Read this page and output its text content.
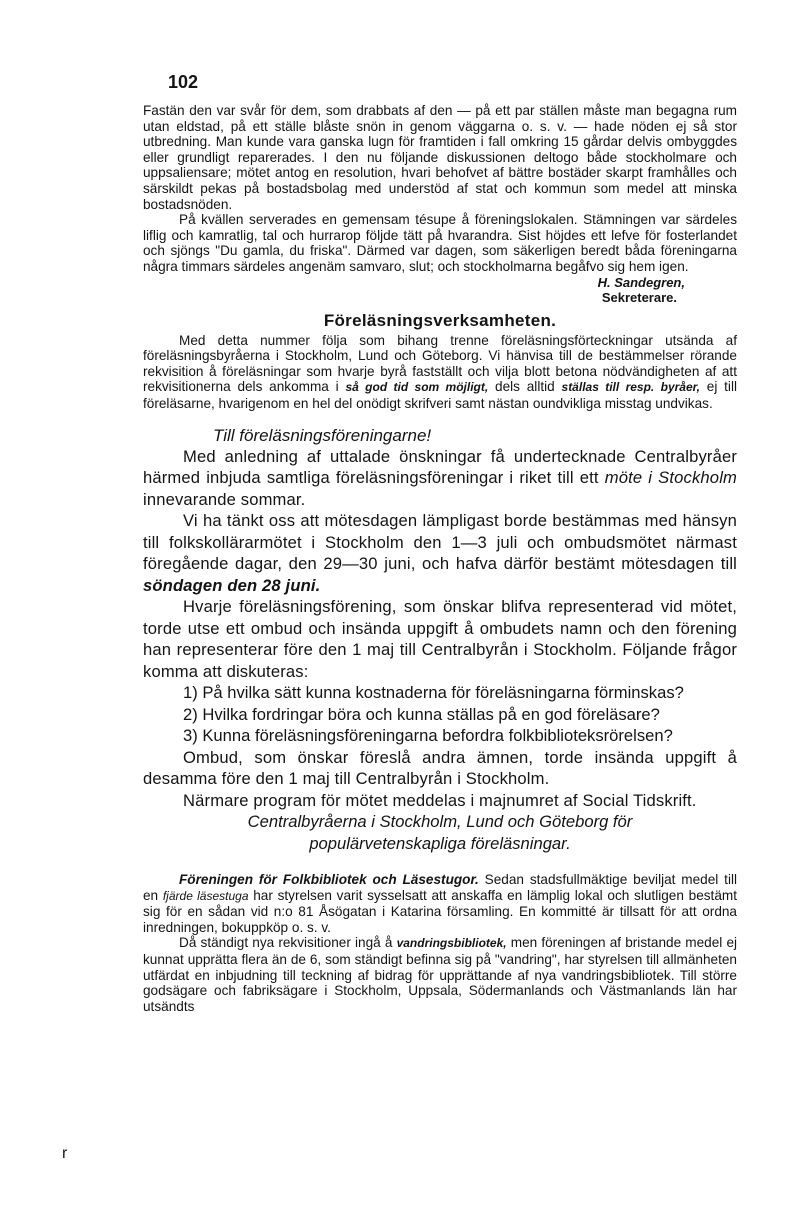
102

Fastän den var svår för dem, som drabbats af den — på ett par ställen måste man begagna rum utan eldstad, på ett ställe blåste snön in genom väggarna o. s. v. — hade nöden ej så stor utbredning. Man kunde vara ganska lugn för framtiden i fall omkring 15 gårdar delvis ombyggdes eller grundligt reparerades. I den nu följande diskussionen deltogo både stockholmare och uppsaliensare; mötet antog en resolution, hvari behofvet af bättre bostäder skarpt framhålles och särskildt pekas på bostadsbolag med understöd af stat och kommun som medel att minska bostadsnöden.

På kvällen serverades en gemensam tésupe å föreningslokalen. Stämningen var särdeles liflig och kamratlig, tal och hurrarop följde tätt på hvarandra. Sist höjdes ett lefve för fosterlandet och sjöngs "Du gamla, du friska". Därmed var dagen, som säkerligen beredt båda föreningarna några timmars särdeles angenäm samvaro, slut; och stockholmarna begåfvo sig hem igen.

H. Sandegren,

Sekreterare.

Föreläsningsverksamheten.

Med detta nummer följa som bihang trenne föreläsningsförteckningar utsända af föreläsningsbyråerna i Stockholm, Lund och Göteborg. Vi hänvisa till de bestämmelser rörande rekvisition å föreläsningar som hvarje byrå fastställt och vilja blott betona nödvändigheten af att rekvisitionerna dels ankomma i så god tid som möjligt, dels alltid ställas till resp. byråer, ej till föreläsarne, hvarigenom en hel del onödigt skrifveri samt nästan oundvikliga misstag undvikas.

Till föreläsningsföreningarne!

Med anledning af uttalade önskningar få undertecknade Centralbyråer härmed inbjuda samtliga föreläsningsföreningar i riket till ett möte i Stockholm innevarande sommar.

Vi ha tänkt oss att mötesdagen lämpligast borde bestämmas med hänsyn till folkskollärarmötet i Stockholm den 1—3 juli och ombudsmötet närmast föregående dagar, den 29—30 juni, och hafva därför bestämt mötesdagen till söndagen den 28 juni.

Hvarje föreläsningsförening, som önskar blifva representerad vid mötet, torde utse ett ombud och insända uppgift å ombudets namn och den förening han representerar före den 1 maj till Centralbyrån i Stockholm. Följande frågor komma att diskuteras:

1) På hvilka sätt kunna kostnaderna för föreläsningarna förminskas?

2) Hvilka fordringar böra och kunna ställas på en god föreläsare?

3) Kunna föreläsningsföreningarna befordra folkbiblioteksrörelsen?

Ombud, som önskar föreslå andra ämnen, torde insända uppgift å desamma före den 1 maj till Centralbyrån i Stockholm.

Närmare program för mötet meddelas i majnumret af Social Tidskrift.

Centralbyråerna i Stockholm, Lund och Göteborg för populärvetenskapliga föreläsningar.

Föreningen för Folkbibliotek och Läsestugor. Sedan stadsfullmäktige beviljat medel till en fjärde läsestuga har styrelsen varit sysselsatt att anskaffa en lämplig lokal och slutligen bestämt sig för en sådan vid n:o 81 Åsögatan i Katarina församling. En kommitté är tillsatt för att ordna inredningen, bokuppköp o. s. v.

Då ständigt nya rekvisitioner ingå å vandringsbibliotek, men föreningen af bristande medel ej kunnat upprätta flera än de 6, som ständigt befinna sig på "vandring", har styrelsen till allmänheten utfärdat en inbjudning till teckning af bidrag för upprättande af nya vandringsbibliotek. Till större godsägare och fabriksägare i Stockholm, Uppsala, Södermanlands och Västmanlands län har utsändts

r
